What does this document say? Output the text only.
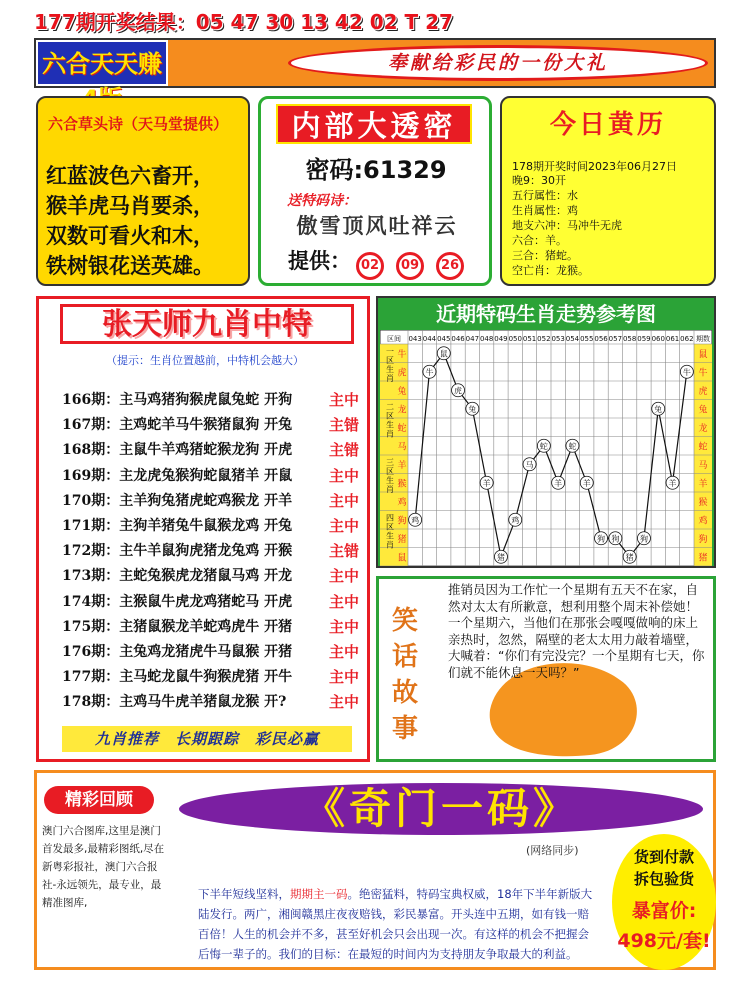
177期开奖结果：05 47 30 13 42 02 T 27
六合天天赚	奉献给彩民的一份大礼
六合草头诗（天马堂提供）
红蓝波色六畜开，
猴羊虎马肖要杀，
双数可看火和木，
铁树银花送英雄。
内部大透密
密码:61329
送特码诗：
傲雪顶风吐祥云
提供： 02	09	26
今日黄历
178期开奖时间2023年06月27日
晚9：30开
五行属性：水
生肖属性：鸡
地支六冲：马冲牛无虎
六合：羊。
三合：猪蛇。
空亡肖：龙猴。
张天师九肖中特
（提示：生肖位置越前，中特机会越大）
166期：主马鸡猪狗猴虎鼠兔蛇 开狗 主中
167期：主鸡蛇羊马牛猴猪鼠狗 开兔 主错
168期：主鼠牛羊鸡猪蛇猴龙狗 开虎 主错
169期：主龙虎兔猴狗蛇鼠猪羊 开鼠 主中
170期：主羊狗兔猪虎蛇鸡猴龙 开羊 主中
171期：主狗羊猪兔牛鼠猴龙鸡 开兔 主中
172期：主牛羊鼠狗虎猪龙兔鸡 开猴 主错
173期：主蛇兔猴虎龙猪鼠马鸡 开龙 主中
174期：主猴鼠牛虎龙鸡猪蛇马 开虎 主中
175期：主猪鼠猴龙羊蛇鸡虎牛 开猪 主中
176期：主兔鸡龙猪虎牛马鼠猴 开猪 主中
177期：主马蛇龙鼠牛狗猴虎猪 开牛 主中
178期：主鸡马牛虎羊猪鼠龙猴 开?	主中
九肖推荐　长期跟踪　彩民必赢
近期特码生肖走势参考图
区间	期数
043 044 045 046 047 048 049 050 051 052 053 054 055 056 057 058 059 060 061 062
一区生肖
二区生肖
三区生肖
四区生肖
牛
虎
兔
龙
蛇
马
羊
猴
鸡
狗
猪
鼠
鼠
牛
虎
兔
龙
蛇
马
羊
猴
鸡
狗
猪
鸡
牛
鼠
虎
兔
羊
猪
鸡
马
蛇
羊
蛇
羊
狗 狗
猪
狗
兔
羊
牛
笑
话
故
事
推销员因为工作忙一个星期有五天不在家，自然对太太有所歉意，想利用整个周末补偿她！一个星期六，当他们在那张会嘎嘎做响的床上亲热时，忽然，隔壁的老太太用力敲着墙壁，大喊着：“你们有完没完？一个星期有七天，你们就不能休息一天吗？”
精彩回顾
澳门六合图库,这里是澳门首发最多,最精彩图纸,尽在新粤彩报社，澳门六合报社-永远领先，最专业，最精准图库,
《奇门一码》
(网络同步)
下半年短线坚料，期期主一码。绝密猛料，特码宝典权威，18年下半年新版大陆发行。两广，湘闽赣黑庄夜夜赔钱，彩民暴富。开头连中五期，如有钱一赔百倍！人生的机会并不多，甚至好机会只会出现一次。有这样的机会不把握会后悔一辈子的。我们的目标：在最短的时间内为支持朋友争取最大的利益。
货到付款
拆包验货
暴富价:
498元/套!
